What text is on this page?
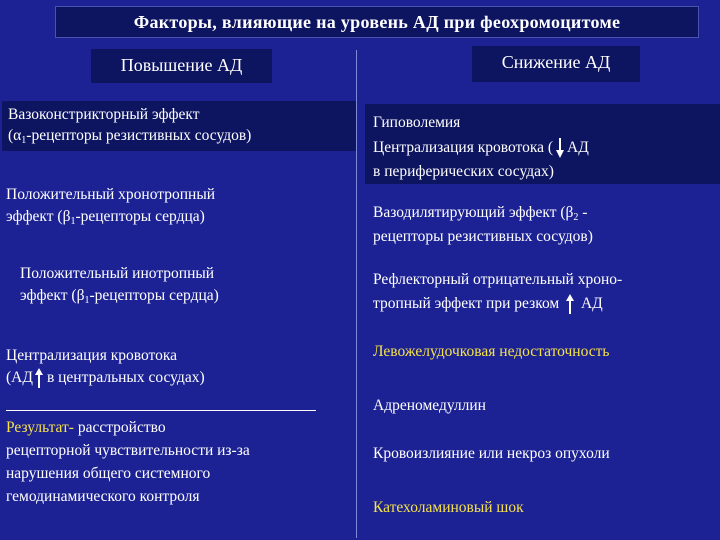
Факторы, влияющие на уровень АД при феохромоцитоме
Повышение АД	Снижение АД
Вазоконстрикторный эффект
($\alpha_1$-рецепторы резистивных сосудов)
Положительный хронотропный
эффект ($\beta_1$-рецепторы сердца)
Положительный инотропный
эффект ($\beta_1$-рецепторы сердца)
Централизация кровотока
(АД в центральных сосудах)
Результат- расстройство
рецепторной чувствительности из-за
нарушения общего системного
гемодинамического контроля
Гиповолемия
Централизация кровотока ( АД
в периферических сосудах)
Вазодилятирующий эффект ($\beta_2$ -
рецепторы резистивных сосудов)
Рефлекторный отрицательный хроно-
тропный эффект при резком АД
Левожелудочковая недостаточность
Адреномедуллин
Кровоизлияние или некроз опухоли
Катехоламиновый шок
